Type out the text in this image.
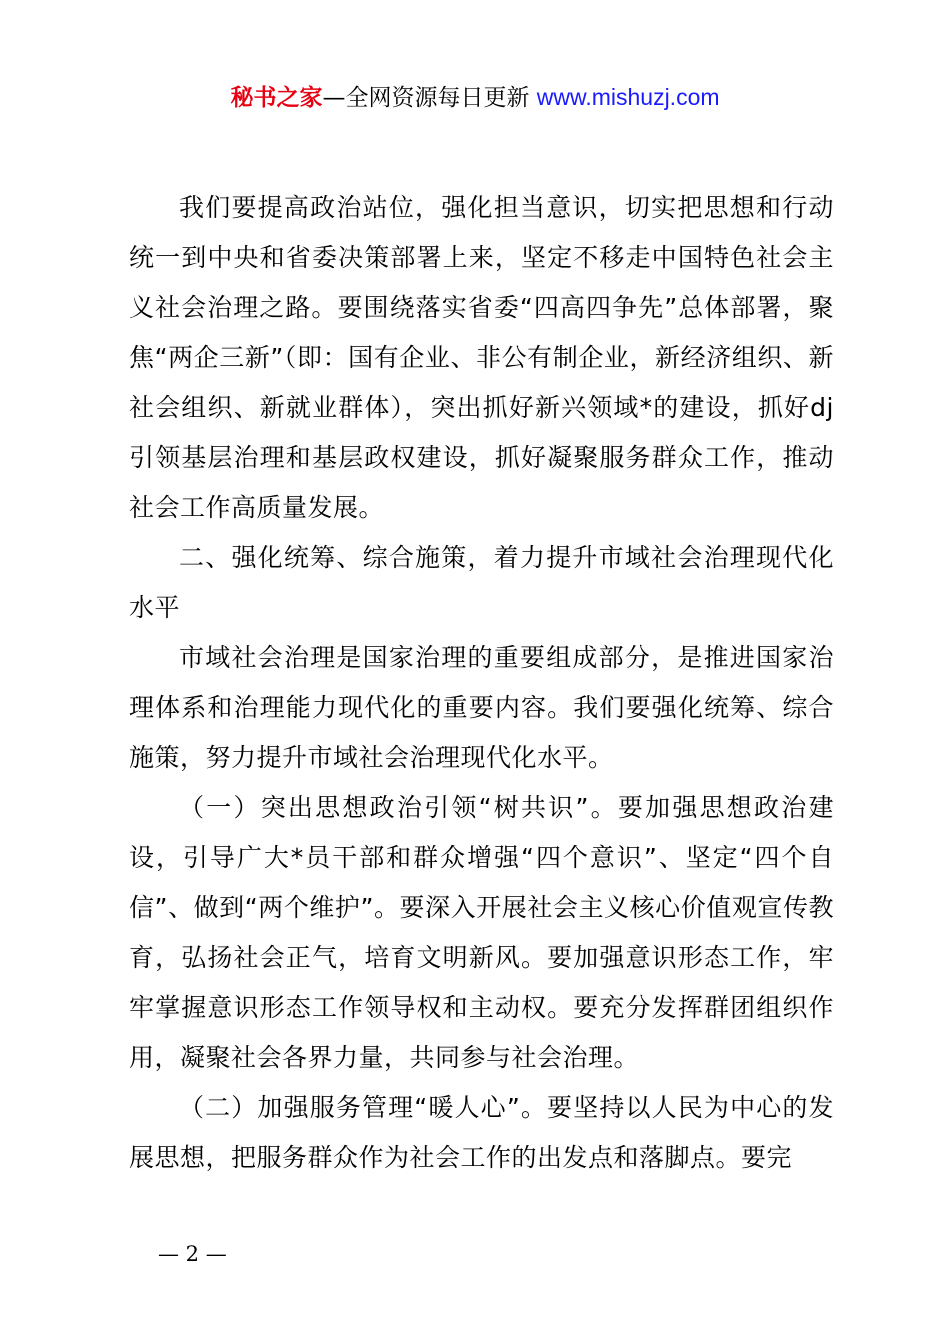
秘书之家—全网资源每日更新 www.mishuzj.com

我们要提高政治站位，强化担当意识，切实把思想和行动统一到中央和省委决策部署上来，坚定不移走中国特色社会主义社会治理之路。要围绕落实省委“四高四争先”总体部署，聚焦“两企三新”（即：国有企业、非公有制企业，新经济组织、新社会组织、新就业群体），突出抓好新兴领域*的建设，抓好dj引领基层治理和基层政权建设，抓好凝聚服务群众工作，推动社会工作高质量发展。

二、强化统筹、综合施策，着力提升市域社会治理现代化水平

市域社会治理是国家治理的重要组成部分，是推进国家治理体系和治理能力现代化的重要内容。我们要强化统筹、综合施策，努力提升市域社会治理现代化水平。

（一）突出思想政治引领“树共识”。要加强思想政治建设，引导广大*员干部和群众增强“四个意识”、坚定“四个自信”、做到“两个维护”。要深入开展社会主义核心价值观宣传教育，弘扬社会正气，培育文明新风。要加强意识形态工作，牢牢掌握意识形态工作领导权和主动权。要充分发挥群团组织作用，凝聚社会各界力量，共同参与社会治理。

（二）加强服务管理“暖人心”。要坚持以人民为中心的发展思想，把服务群众作为社会工作的出发点和落脚点。要完

— 2 —
